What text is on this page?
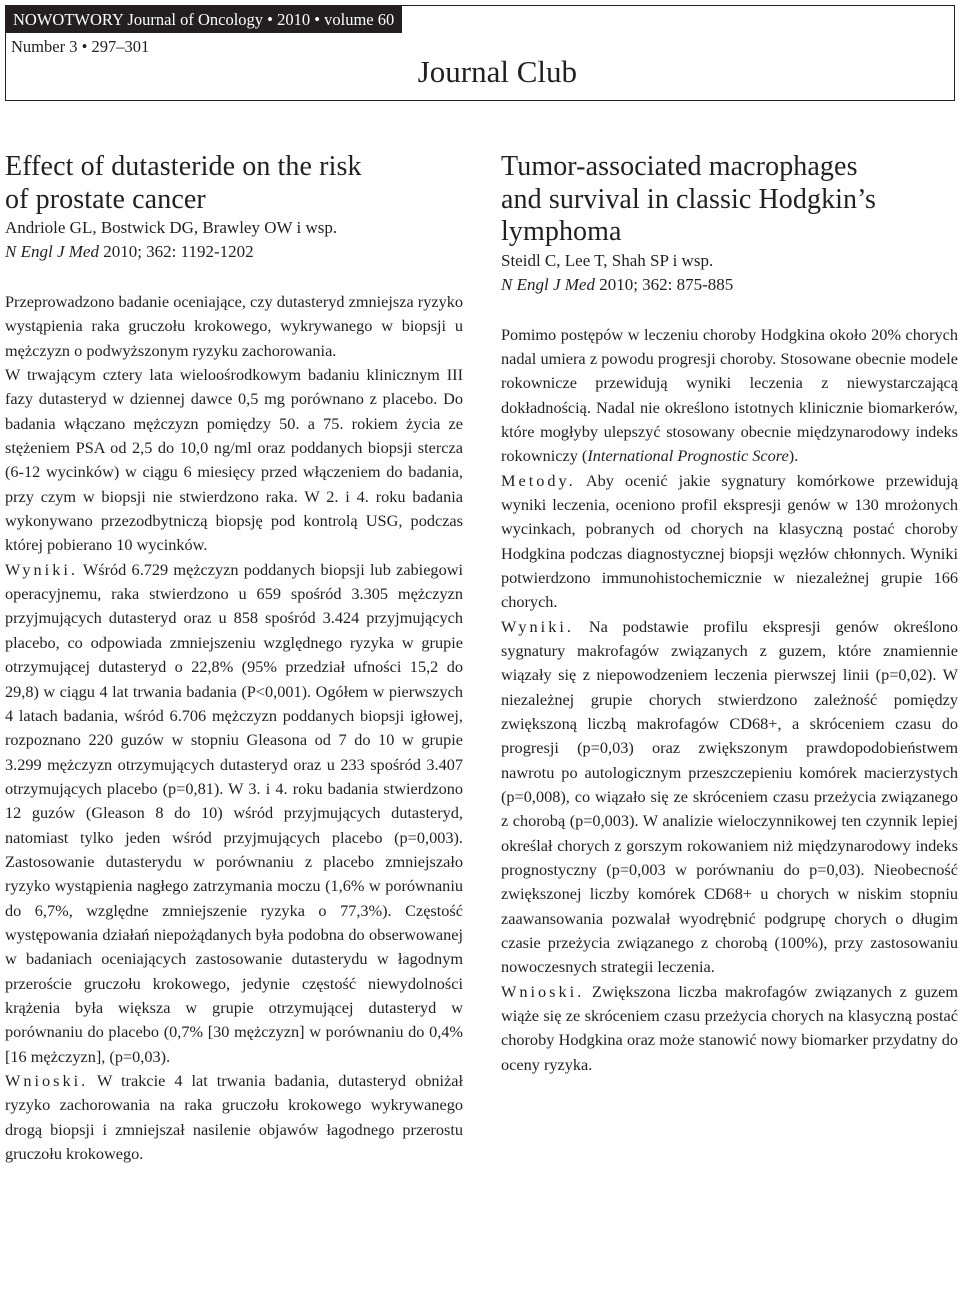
NOWOTWORY Journal of Oncology • 2010 • volume 60
Number 3 • 297–301
Journal Club
Effect of dutasteride on the risk
of prostate cancer
Andriole GL, Bostwick DG, Brawley OW i wsp.
N Engl J Med 2010; 362: 1192-1202

Przeprowadzono badanie oceniające, czy dutasteryd zmniejsza ryzyko wystąpienia raka gruczołu krokowego, wykrywanego w biopsji u mężczyzn o podwyższonym ryzyku zachorowania.

W trwającym cztery lata wieloośrodkowym badaniu klinicznym III fazy dutasteryd w dziennej dawce 0,5 mg porównano z placebo. Do badania włączano mężczyzn pomiędzy 50. a 75. rokiem życia ze stężeniem PSA od 2,5 do 10,0 ng/ml oraz poddanych biopsji stercza (6-12 wycinków) w ciągu 6 miesięcy przed włączeniem do badania, przy czym w biopsji nie stwierdzono raka. W 2. i 4. roku badania wykonywano przezodbytniczą biopsję pod kontrolą USG, podczas której pobierano 10 wycinków.

Wyniki. Wśród 6.729 mężczyzn poddanych biopsji lub zabiegowi operacyjnemu, raka stwierdzono u 659 spośród 3.305 mężczyzn przyjmujących dutasteryd oraz u 858 spośród 3.424 przyjmujących placebo, co odpowiada zmniejszeniu względnego ryzyka w grupie otrzymującej dutasteryd o 22,8% (95% przedział ufności 15,2 do 29,8) w ciągu 4 lat trwania badania (P<0,001). Ogółem w pierwszych 4 latach badania, wśród 6.706 mężczyzn poddanych biopsji igłowej, rozpoznano 220 guzów w stopniu Gleasona od 7 do 10 w grupie 3.299 mężczyzn otrzymujących dutasteryd oraz u 233 spośród 3.407 otrzymujących placebo (p=0,81). W 3. i 4. roku badania stwierdzono 12 guzów (Gleason 8 do 10) wśród przyjmujących dutasteryd, natomiast tylko jeden wśród przyjmujących placebo (p=0,003). Zastosowanie dutasterydu w porównaniu z placebo zmniejszało ryzyko wystąpienia nagłego zatrzymania moczu (1,6% w porównaniu do 6,7%, względne zmniejszenie ryzyka o 77,3%). Częstość występowania działań niepożądanych była podobna do obserwowanej w badaniach oceniających zastosowanie dutasterydu w łagodnym przeroście gruczołu krokowego, jedynie częstość niewydolności krążenia była większa w grupie otrzymującej dutasteryd w porównaniu do placebo (0,7% [30 mężczyzn] w porównaniu do 0,4% [16 mężczyzn], (p=0,03).

Wnioski. W trakcie 4 lat trwania badania, dutasteryd obniżał ryzyko zachorowania na raka gruczołu krokowego wykrywanego drogą biopsji i zmniejszał nasilenie objawów łagodnego przerostu gruczołu krokowego.

Tumor-associated macrophages
and survival in classic Hodgkin’s
lymphoma
Steidl C, Lee T, Shah SP i wsp.
N Engl J Med 2010; 362: 875-885

Pomimo postępów w leczeniu choroby Hodgkina około 20% chorych nadal umiera z powodu progresji choroby. Stosowane obecnie modele rokownicze przewidują wyniki leczenia z niewystarczającą dokładnością. Nadal nie określono istotnych klinicznie biomarkerów, które mogłyby ulepszyć stosowany obecnie międzynarodowy indeks rokowniczy (International Prognostic Score).

Metody. Aby ocenić jakie sygnatury komórkowe przewidują wyniki leczenia, oceniono profil ekspresji genów w 130 mrożonych wycinkach, pobranych od chorych na klasyczną postać choroby Hodgkina podczas diagnostycznej biopsji węzłów chłonnych. Wyniki potwierdzono immunohistochemicznie w niezależnej grupie 166 chorych.

Wyniki. Na podstawie profilu ekspresji genów określono sygnatury makrofagów związanych z guzem, które znamiennie wiązały się z niepowodzeniem leczenia pierwszej linii (p=0,02). W niezależnej grupie chorych stwierdzono zależność pomiędzy zwiększoną liczbą makrofagów CD68+, a skróceniem czasu do progresji (p=0,03) oraz zwiększonym prawdopodobieństwem nawrotu po autologicznym przeszczepieniu komórek macierzystych (p=0,008), co wiązało się ze skróceniem czasu przeżycia związanego z chorobą (p=0,003). W analizie wieloczynnikowej ten czynnik lepiej określał chorych z gorszym rokowaniem niż międzynarodowy indeks prognostyczny (p=0,003 w porównaniu do p=0,03). Nieobecność zwiększonej liczby komórek CD68+ u chorych w niskim stopniu zaawansowania pozwalał wyodrębnić podgrupę chorych o długim czasie przeżycia związanego z chorobą (100%), przy zastosowaniu nowoczesnych strategii leczenia.

Wnioski. Zwiększona liczba makrofagów związanych z guzem wiąże się ze skróceniem czasu przeżycia chorych na klasyczną postać choroby Hodgkina oraz może stanowić nowy biomarker przydatny do oceny ryzyka.
